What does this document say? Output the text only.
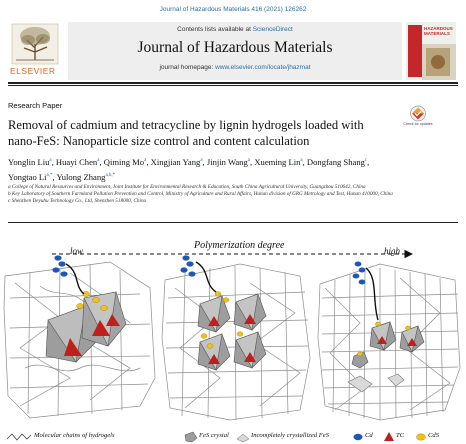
Journal of Hazardous Materials 416 (2021) 126262
ELSEVIER
Contents lists available at ScienceDirect
Journal of Hazardous Materials
journal homepage: www.elsevier.com/locate/jhazmat
HAZARDOUS MATERIALS
Research Paper
Check for updates
Removal of cadmium and tetracycline by lignin hydrogels loaded with nano-FeS: Nanoparticle size control and content calculation
Yonglin Liu$^a$, Huayi Chen$^a$, Qiming Mo$^a$, Xingjian Yang$^a$, Jinjin Wang$^a$, Xueming Lin$^a$, Dongfang Shang$^c$, Yongtao $Li^{a,*}$, Yulong Zhang$^{a,b,*}$
a College of Natural Resources and Environment, Joint Institute for Environmental Research & Education, South China Agricultural University, Guangzhou 510642, China
b Key Laboratory of Southern Farmland Pollution Prevention and Control, Ministry of Agriculture and Rural Affairs, Hunan division of GRG Metrology and Test, Hunan 410000, China
c Shenzhen Deyuhu Technology Co., Ltd, Shenzhen 518000, China
low	Polymerization degree	high
Molecular chains of hydrogels	FeS crystal	Incompletely crystallized FeS	Cd	TC	CdS
